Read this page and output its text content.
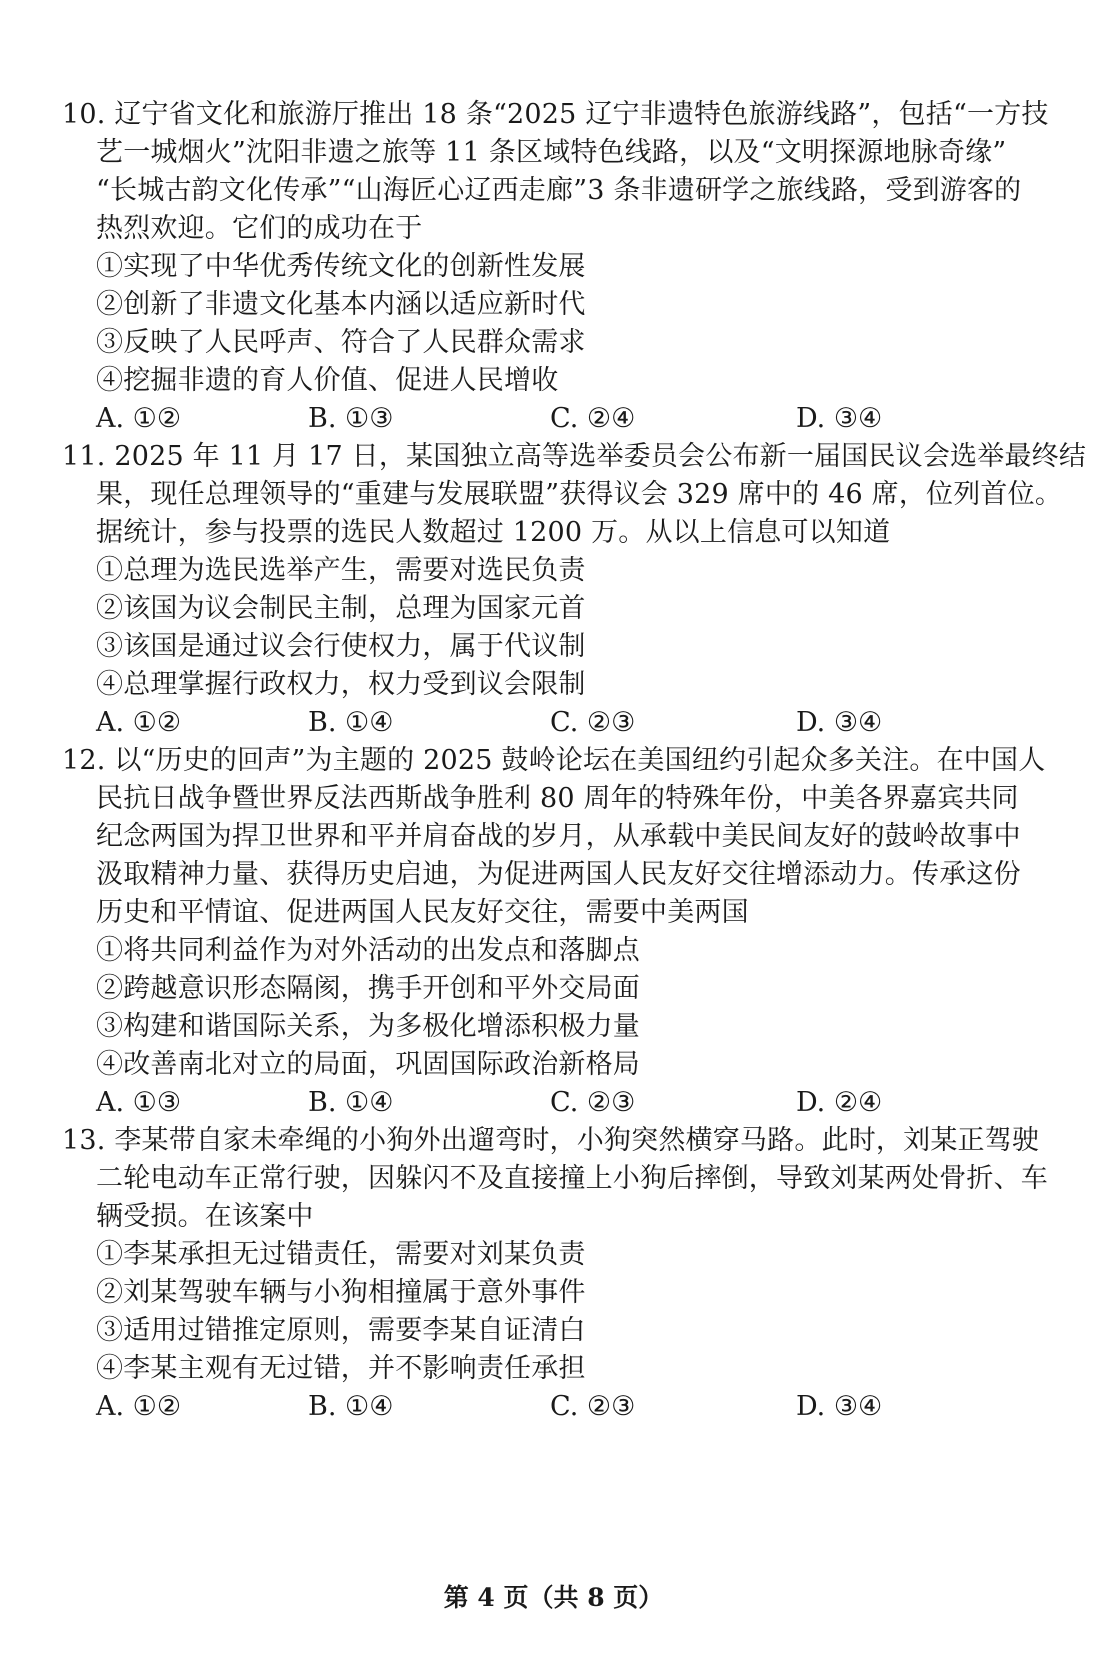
10. 辽宁省文化和旅游厅推出 18 条“2025 辽宁非遗特色旅游线路”，包括“一方技
艺一城烟火”沈阳非遗之旅等 11 条区域特色线路，以及“文明探源地脉奇缘”
“长城古韵文化传承”“山海匠心辽西走廊”3 条非遗研学之旅线路，受到游客的
热烈欢迎。它们的成功在于
①实现了中华优秀传统文化的创新性发展
②创新了非遗文化基本内涵以适应新时代
③反映了人民呼声、符合了人民群众需求
④挖掘非遗的育人价值、促进人民增收
A. ①②	B. ①③	C. ②④	D. ③④
11. 2025 年 11 月 17 日，某国独立高等选举委员会公布新一届国民议会选举最终结
果，现任总理领导的“重建与发展联盟”获得议会 329 席中的 46 席，位列首位。
据统计，参与投票的选民人数超过 1200 万。从以上信息可以知道
①总理为选民选举产生，需要对选民负责
②该国为议会制民主制，总理为国家元首
③该国是通过议会行使权力，属于代议制
④总理掌握行政权力，权力受到议会限制
A. ①②	B. ①④	C. ②③	D. ③④
12. 以“历史的回声”为主题的 2025 鼓岭论坛在美国纽约引起众多关注。在中国人
民抗日战争暨世界反法西斯战争胜利 80 周年的特殊年份，中美各界嘉宾共同
纪念两国为捍卫世界和平并肩奋战的岁月，从承载中美民间友好的鼓岭故事中
汲取精神力量、获得历史启迪，为促进两国人民友好交往增添动力。传承这份
历史和平情谊、促进两国人民友好交往，需要中美两国
①将共同利益作为对外活动的出发点和落脚点
②跨越意识形态隔阂，携手开创和平外交局面
③构建和谐国际关系，为多极化增添积极力量
④改善南北对立的局面，巩固国际政治新格局
A. ①③	B. ①④	C. ②③	D. ②④
13. 李某带自家未牵绳的小狗外出遛弯时，小狗突然横穿马路。此时，刘某正驾驶
二轮电动车正常行驶，因躲闪不及直接撞上小狗后摔倒，导致刘某两处骨折、车
辆受损。在该案中
①李某承担无过错责任，需要对刘某负责
②刘某驾驶车辆与小狗相撞属于意外事件
③适用过错推定原则，需要李某自证清白
④李某主观有无过错，并不影响责任承担
A. ①②	B. ①④	C. ②③	D. ③④
第 4 页（共 8 页）
